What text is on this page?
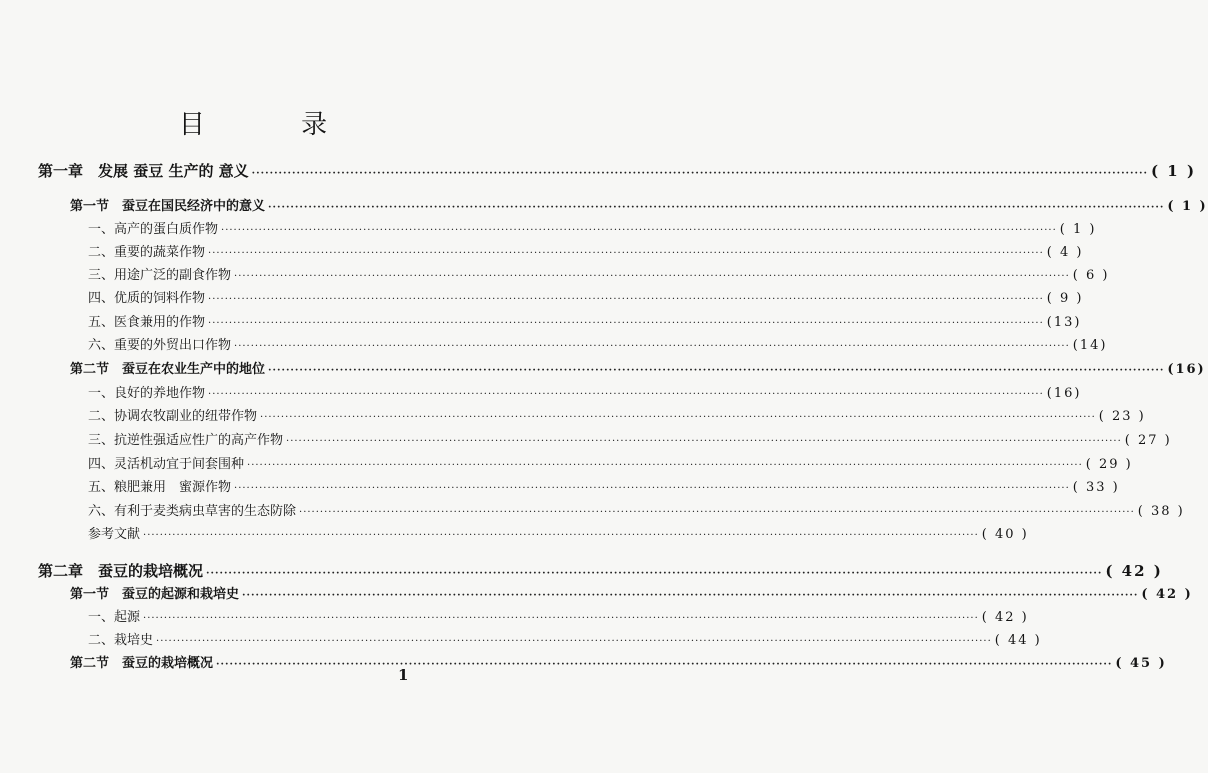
目 录
第一章　发展 蚕豆 生产的 意义 ········································································································································································································ ( 1 )
第一节　蚕豆在国民经济中的意义 ········································································································································································································ ( 1 )
一、高产的蛋白质作物 ········································································································································································································ ( 1 )
二、重要的蔬菜作物 ········································································································································································································ ( 4 )
三、用途广泛的副食作物 ········································································································································································································ ( 6 )
四、优质的饲料作物 ········································································································································································································ ( 9 )
五、医食兼用的作物 ········································································································································································································ (13)
六、重要的外贸出口作物 ········································································································································································································ (14)
第二节　蚕豆在农业生产中的地位 ········································································································································································································ (16)
一、良好的养地作物 ········································································································································································································ (16)
二、协调农牧副业的纽带作物 ········································································································································································································ ( 23 )
三、抗逆性强适应性广的高产作物 ········································································································································································································ ( 27 )
四、灵活机动宜于间套围种 ········································································································································································································ ( 29 )
五、粮肥兼用　蜜源作物 ········································································································································································································ ( 33 )
六、有利于麦类病虫草害的生态防除 ········································································································································································································ ( 38 )
参考文献 ········································································································································································································ ( 40 )
第二章　蚕豆的栽培概况 ········································································································································································································ ( 42 )
第一节　蚕豆的起源和栽培史 ········································································································································································································ ( 42 )
一、起源 ········································································································································································································ ( 42 )
二、栽培史 ········································································································································································································ ( 44 )
第二节　蚕豆的栽培概况 ········································································································································································································ ( 45 )
1
